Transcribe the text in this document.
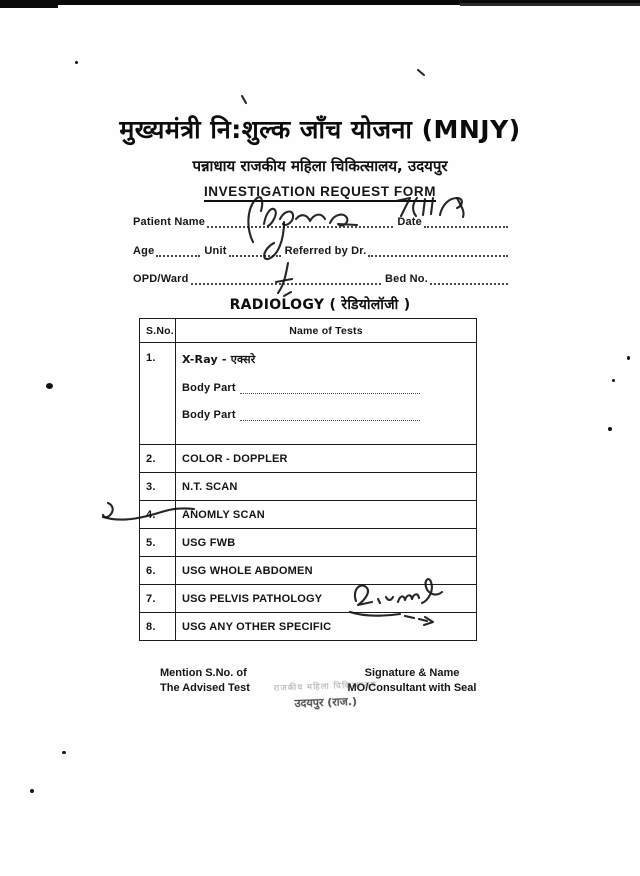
मुख्यमंत्री नि:शुल्क जाँच योजना (MNJY)
पन्नाधाय राजकीय महिला चिकित्सालय, उदयपुर
INVESTIGATION REQUEST FORM
Patient Name	Date
Age	Unit	Referred by Dr.
OPD/Ward	Bed No.
RADIOLOGY ( रेडियोलॉजी )
S.No.	Name of Tests
1.	X-Ray - एक्सरे
Body Part
Body Part

2.	COLOR - DOPPLER
3.	N.T. SCAN
4.	ANOMLY SCAN
5.	USG FWB
6.	USG WHOLE ABDOMEN
7.	USG PELVIS PATHOLOGY
8.	USG ANY OTHER SPECIFIC
Mention S.No. of
The Advised Test
Signature & Name
MO/Consultant with Seal
राजकीय महिला चिकित्सालय
उदयपुर (राज.)
